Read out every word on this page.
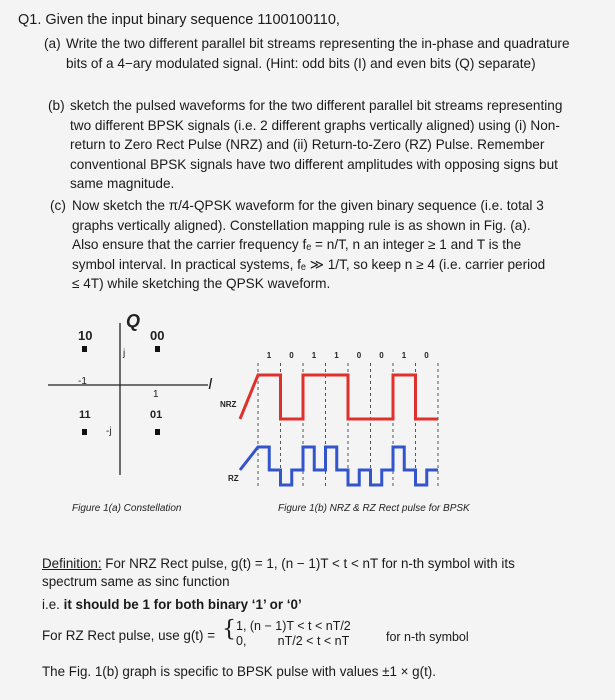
Q1. Given the input binary sequence 1100100110,
(a) Write the two different parallel bit streams representing the in-phase and quadrature bits of a 4−ary modulated signal. (Hint: odd bits (I) and even bits (Q) separate)
(b) sketch the pulsed waveforms for the two different parallel bit streams representing two different BPSK signals (i.e. 2 different graphs vertically aligned) using (i) Non-return to Zero Rect Pulse (NRZ) and (ii) Return-to-Zero (RZ) Pulse. Remember conventional BPSK signals have two different amplitudes with opposing signs but same magnitude.
(c) Now sketch the π/4-QPSK waveform for the given binary sequence (i.e. total 3
graphs vertically aligned). Constellation mapping rule is as shown in Fig. (a).
Also ensure that the carrier frequency fₑ = n/T, n an integer ≥ 1 and T is the
symbol interval. In practical systems, fₑ ≫ 1/T, so keep n ≥ 4 (i.e. carrier period
≤ 4T) while sketching the QPSK waveform.
Q
I
j
-j
1
-1
10	00
11	01
Figure 1(a) Constellation
1 0 1 1 0 0 1 0
NRZ
RZ
Figure 1(b) NRZ & RZ Rect pulse for BPSK
Definition: For NRZ Rect pulse, g(t) = 1, (n − 1)T < t < nT for n-th symbol with its
spectrum same as sinc function
i.e. it should be 1 for both binary ‘1’ or ‘0’
For RZ Rect pulse, use g(t) = { 1, (n − 1)T < t < nT/2
0,         nT/2 < t < nT	for n-th symbol
The Fig. 1(b) graph is specific to BPSK pulse with values ±1 × g(t).
